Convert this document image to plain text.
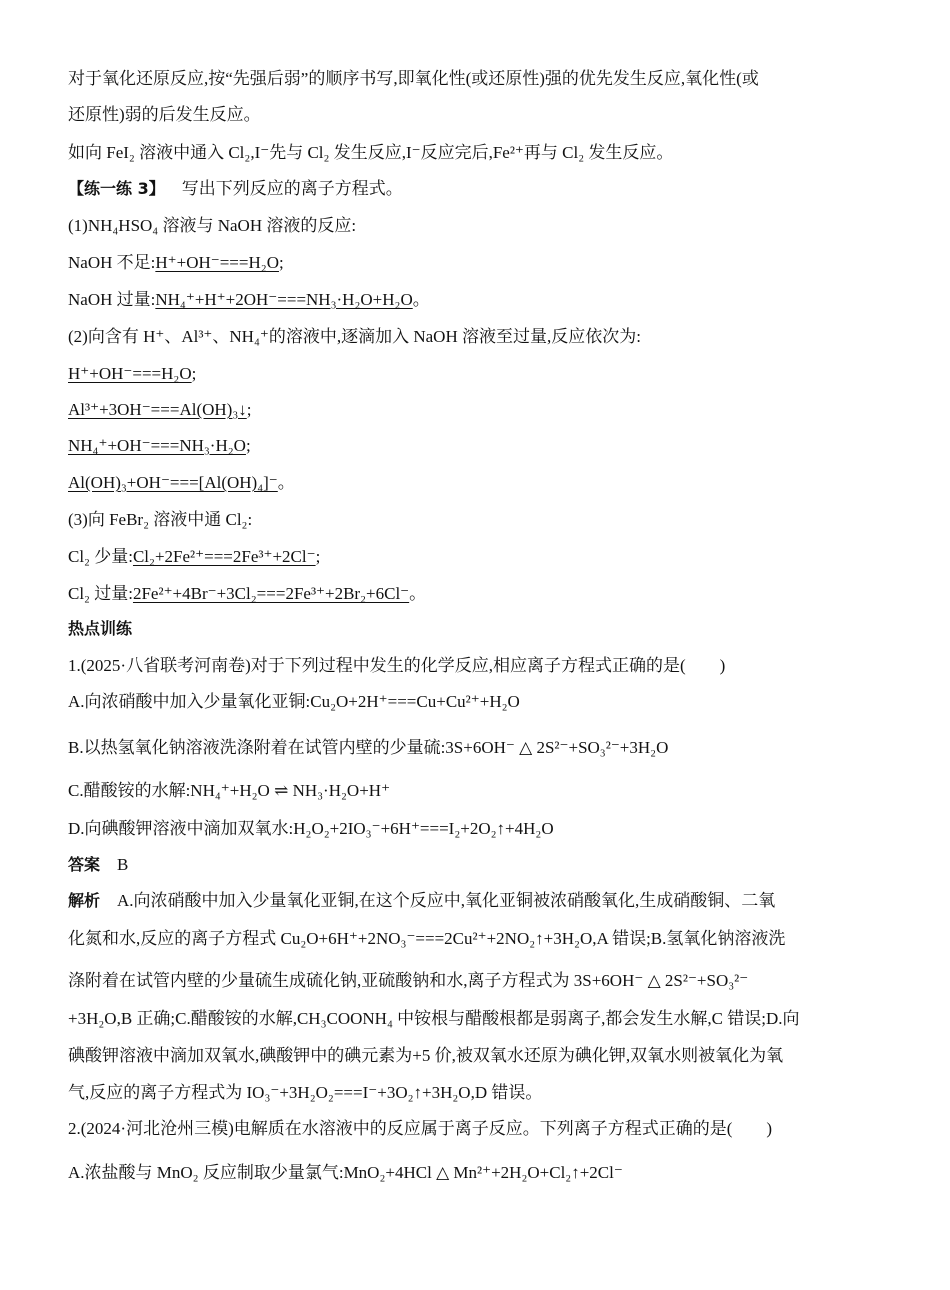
对于氧化还原反应,按“先强后弱”的顺序书写,即氧化性(或还原性)强的优先发生反应,氧化性(或
还原性)弱的后发生反应。
如向 FeI₂ 溶液中通入 Cl₂,I⁻先与 Cl₂ 发生反应,I⁻反应完后,Fe²⁺再与 Cl₂ 发生反应。
【练一练 3】 写出下列反应的离子方程式。
(1)NH₄HSO₄ 溶液与 NaOH 溶液的反应:
NaOH 不足:H⁺+OH⁻===H₂O;
NaOH 过量:NH₄⁺+H⁺+2OH⁻===NH₃·H₂O+H₂O。
(2)向含有 H⁺、Al³⁺、NH₄⁺的溶液中,逐滴加入 NaOH 溶液至过量,反应依次为:
H⁺+OH⁻===H₂O;
Al³⁺+3OH⁻===Al(OH)₃↓;
NH₄⁺+OH⁻===NH₃·H₂O;
Al(OH)₃+OH⁻===[Al(OH)₄]⁻。
(3)向 FeBr₂ 溶液中通 Cl₂:
Cl₂ 少量:Cl₂+2Fe²⁺===2Fe³⁺+2Cl⁻;
Cl₂ 过量:2Fe²⁺+4Br⁻+3Cl₂===2Fe³⁺+2Br₂+6Cl⁻。
热点训练
1.(2025·八省联考河南卷)对于下列过程中发生的化学反应,相应离子方程式正确的是(　　)
A.向浓硝酸中加入少量氧化亚铜:Cu₂O+2H⁺===Cu+Cu²⁺+H₂O
B.以热氢氧化钠溶液洗涤附着在试管内壁的少量硫:3S+6OH⁻ △ 2S²⁻+SO₃²⁻+3H₂O
C.醋酸铵的水解:NH₄⁺+H₂O ⇌ NH₃·H₂O+H⁺
D.向碘酸钾溶液中滴加双氧水:H₂O₂+2IO₃⁻+6H⁺===I₂+2O₂↑+4H₂O
答案 B
解析 A.向浓硝酸中加入少量氧化亚铜,在这个反应中,氧化亚铜被浓硝酸氧化,生成硝酸铜、二氧
化氮和水,反应的离子方程式 Cu₂O+6H⁺+2NO₃⁻===2Cu²⁺+2NO₂↑+3H₂O,A 错误;B.氢氧化钠溶液洗
涤附着在试管内壁的少量硫生成硫化钠,亚硫酸钠和水,离子方程式为 3S+6OH⁻ △ 2S²⁻+SO₃²⁻
+3H₂O,B 正确;C.醋酸铵的水解,CH₃COONH₄ 中铵根与醋酸根都是弱离子,都会发生水解,C 错误;D.向
碘酸钾溶液中滴加双氧水,碘酸钾中的碘元素为+5 价,被双氧水还原为碘化钾,双氧水则被氧化为氧
气,反应的离子方程式为 IO₃⁻+3H₂O₂===I⁻+3O₂↑+3H₂O,D 错误。
2.(2024·河北沧州三模)电解质在水溶液中的反应属于离子反应。下列离子方程式正确的是(　　)
A.浓盐酸与 MnO₂ 反应制取少量氯气:MnO₂+4HCl △ Mn²⁺+2H₂O+Cl₂↑+2Cl⁻
